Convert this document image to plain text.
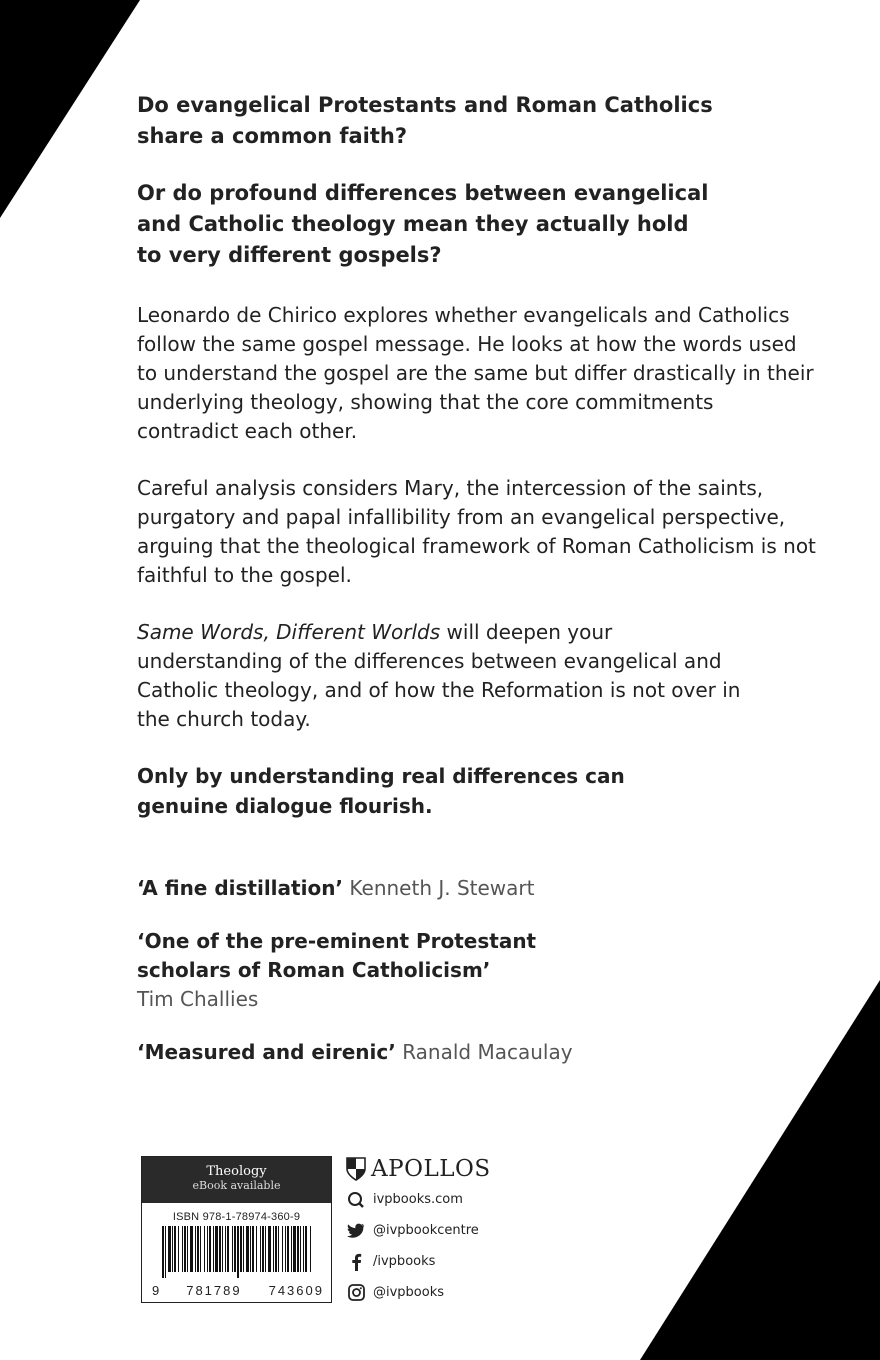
Do evangelical Protestants and Roman Catholics share a common faith?

Or do profound differences between evangelical and Catholic theology mean they actually hold to very different gospels?

Leonardo de Chirico explores whether evangelicals and Catholics follow the same gospel message. He looks at how the words used to understand the gospel are the same but differ drastically in their underlying theology, showing that the core commitments contradict each other.

Careful analysis considers Mary, the intercession of the saints, purgatory and papal infallibility from an evangelical perspective, arguing that the theological framework of Roman Catholicism is not faithful to the gospel.

Same Words, Different Worlds will deepen your understanding of the differences between evangelical and Catholic theology, and of how the Reformation is not over in the church today.

Only by understanding real differences can genuine dialogue flourish.

‘A fine distillation’ Kenneth J. Stewart

‘One of the pre-eminent Protestant scholars of Roman Catholicism’
Tim Challies

‘Measured and eirenic’ Ranald Macaulay

Theology
eBook available
ISBN 978-1-78974-360-9
9 781789 743609
APOLLOS
ivpbooks.com
@ivpbookcentre
/ivpbooks
@ivpbooks
